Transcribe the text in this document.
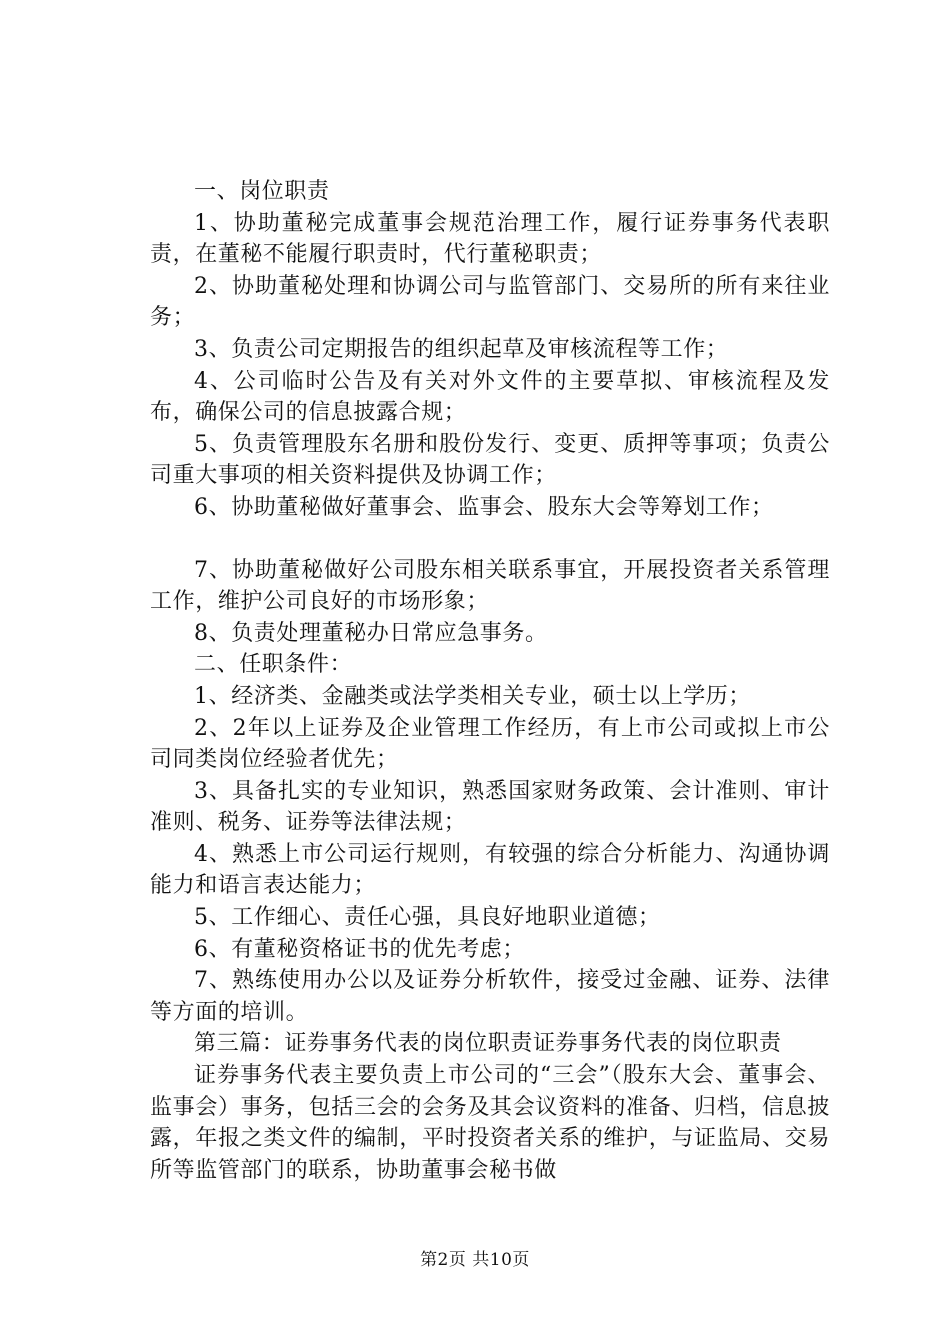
一、岗位职责

1、协助董秘完成董事会规范治理工作，履行证券事务代表职责，在董秘不能履行职责时，代行董秘职责；

2、协助董秘处理和协调公司与监管部门、交易所的所有来往业务；

3、负责公司定期报告的组织起草及审核流程等工作；

4、公司临时公告及有关对外文件的主要草拟、审核流程及发布，确保公司的信息披露合规；

5、负责管理股东名册和股份发行、变更、质押等事项；负责公司重大事项的相关资料提供及协调工作；

6、协助董秘做好董事会、监事会、股东大会等筹划工作；

7、协助董秘做好公司股东相关联系事宜，开展投资者关系管理工作，维护公司良好的市场形象；

8、负责处理董秘办日常应急事务。

二、任职条件：

1、经济类、金融类或法学类相关专业，硕士以上学历；

2、2年以上证券及企业管理工作经历，有上市公司或拟上市公司同类岗位经验者优先；

3、具备扎实的专业知识，熟悉国家财务政策、会计准则、审计准则、税务、证券等法律法规；

4、熟悉上市公司运行规则，有较强的综合分析能力、沟通协调能力和语言表达能力；

5、工作细心、责任心强，具良好地职业道德；

6、有董秘资格证书的优先考虑；

7、熟练使用办公以及证券分析软件，接受过金融、证券、法律等方面的培训。

第三篇：证券事务代表的岗位职责证券事务代表的岗位职责

证券事务代表主要负责上市公司的“三会”（股东大会、董事会、监事会）事务，包括三会的会务及其会议资料的准备、归档，信息披露，年报之类文件的编制，平时投资者关系的维护，与证监局、交易所等监管部门的联系，协助董事会秘书做

第2页 共10页
